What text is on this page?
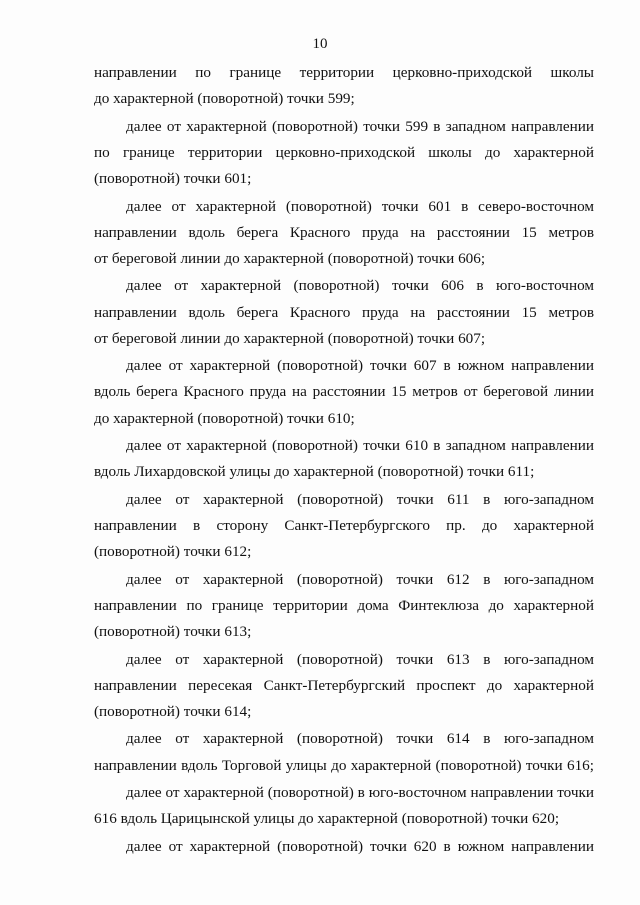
10
направлении по границе территории церковно-приходской школы
до характерной (поворотной) точки 599;
далее от характерной (поворотной) точки 599 в западном направлении
по границе территории церковно-приходской школы до характерной
(поворотной) точки 601;
далее от характерной (поворотной) точки 601 в северо-восточном
направлении вдоль берега Красного пруда на расстоянии 15 метров
от береговой линии до характерной (поворотной) точки 606;
далее от характерной (поворотной) точки 606 в юго-восточном
направлении вдоль берега Красного пруда на расстоянии 15 метров
от береговой линии до характерной (поворотной) точки 607;
далее от характерной (поворотной) точки 607 в южном направлении
вдоль берега Красного пруда на расстоянии 15 метров от береговой линии
до характерной (поворотной) точки 610;
далее от характерной (поворотной) точки 610 в западном направлении
вдоль Лихардовской улицы до характерной (поворотной) точки 611;
далее от характерной (поворотной) точки 611 в юго-западном
направлении в сторону Санкт-Петербургского пр. до характерной
(поворотной) точки 612;
далее от характерной (поворотной) точки 612 в юго-западном
направлении по границе территории дома Финтеклюза до характерной
(поворотной) точки 613;
далее от характерной (поворотной) точки 613 в юго-западном
направлении пересекая Санкт-Петербургский проспект до характерной
(поворотной) точки 614;
далее от характерной (поворотной) точки 614 в юго-западном
направлении вдоль Торговой улицы до характерной (поворотной) точки 616;
далее от характерной (поворотной) в юго-восточном направлении точки
616 вдоль Царицынской улицы до характерной (поворотной) точки 620;
далее от характерной (поворотной) точки 620 в южном направлении
